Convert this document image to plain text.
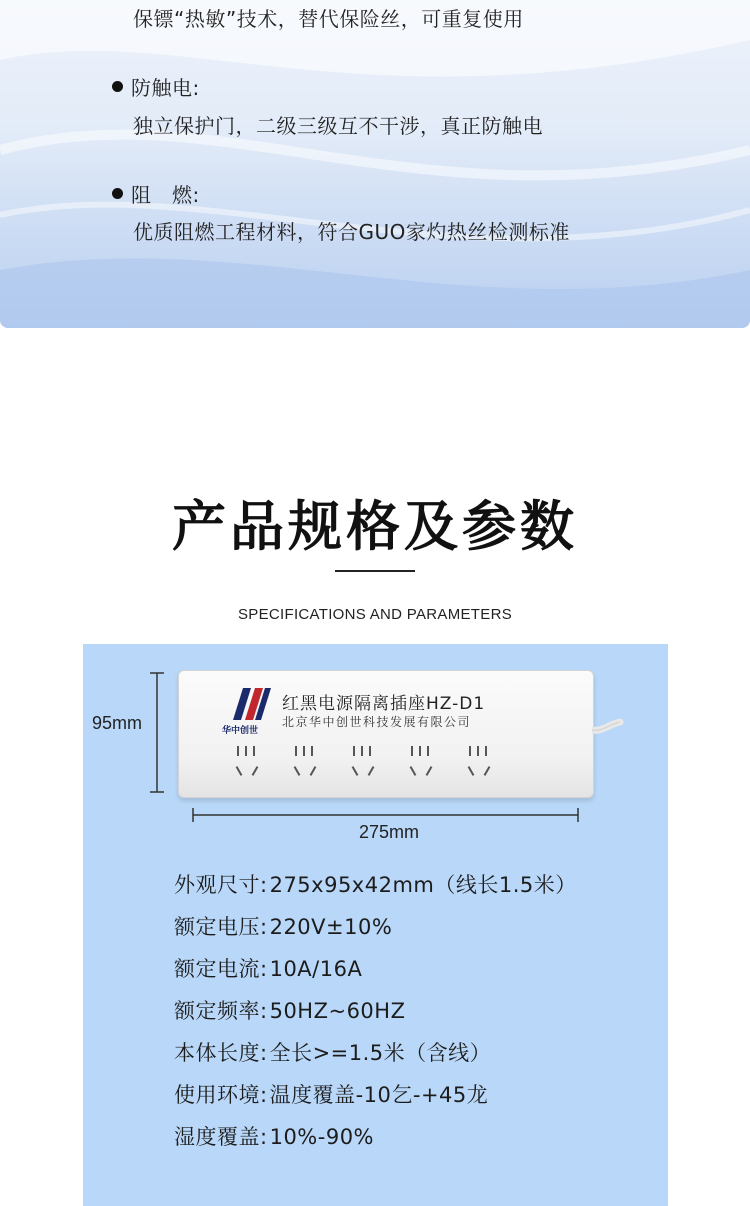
保镖“热敏”技术，替代保险丝，可重复使用
防触电:
独立保护门，二级三级互不干涉，真正防触电
阻　燃:
优质阻燃工程材料，符合GUO家灼热丝检测标准
产品规格及参数
SPECIFICATIONS AND PARAMETERS
95mm	华中创世
红黑电源隔离插座HZ-D1
北京华中创世科技发展有限公司
275mm
外观尺寸:275x95x42mm（线长1.5米）
额定电压:220V±10%
额定电流:10A/16A
额定频率:50HZ~60HZ
本体长度:全长>=1.5米（含线）
使用环境:温度覆盖-10乞-+45龙
湿度覆盖:10%-90%
